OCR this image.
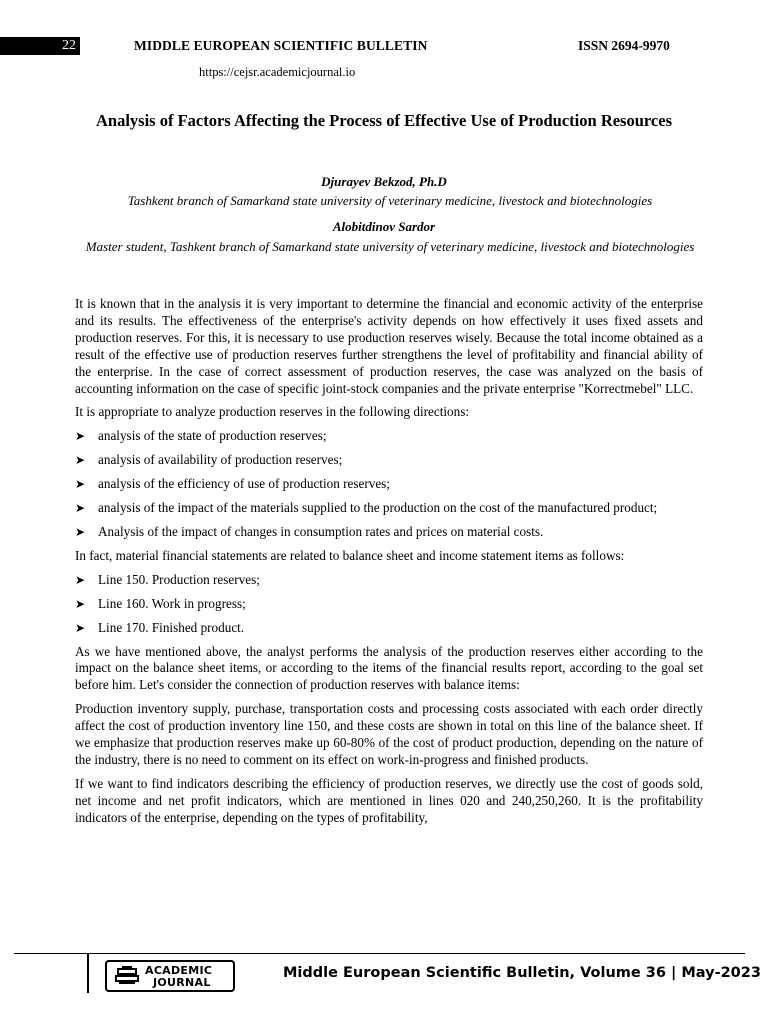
22	MIDDLE EUROPEAN SCIENTIFIC BULLETIN	ISSN 2694-9970
https://cejsr.academicjournal.io
Analysis of Factors Affecting the Process of Effective Use of Production Resources
Djurayev Bekzod, Ph.D
Tashkent branch of Samarkand state university of veterinary medicine, livestock and biotechnologies
Alobitdinov Sardor
Master student, Tashkent branch of Samarkand state university of veterinary medicine, livestock and biotechnologies

It is known that in the analysis it is very important to determine the financial and economic activity of the enterprise and its results. The effectiveness of the enterprise's activity depends on how effectively it uses fixed assets and production reserves. For this, it is necessary to use production reserves wisely. Because the total income obtained as a result of the effective use of production reserves further strengthens the level of profitability and financial ability of the enterprise. In the case of correct assessment of production reserves, the case was analyzed on the basis of accounting information on the case of specific joint-stock companies and the private enterprise "Korrectmebel" LLC.

It is appropriate to analyze production reserves in the following directions:

➤ analysis of the state of production reserves;
➤ analysis of availability of production reserves;
➤ analysis of the efficiency of use of production reserves;
➤ analysis of the impact of the materials supplied to the production on the cost of the manufactured product;
➤ Analysis of the impact of changes in consumption rates and prices on material costs.

In fact, material financial statements are related to balance sheet and income statement items as follows:

➤ Line 150. Production reserves;
➤ Line 160. Work in progress;
➤ Line 170. Finished product.

As we have mentioned above, the analyst performs the analysis of the production reserves either according to the impact on the balance sheet items, or according to the items of the financial results report, according to the goal set before him. Let's consider the connection of production reserves with balance items:

Production inventory supply, purchase, transportation costs and processing costs associated with each order directly affect the cost of production inventory line 150, and these costs are shown in total on this line of the balance sheet. If we emphasize that production reserves make up 60-80% of the cost of product production, depending on the nature of the industry, there is no need to comment on its effect on work-in-progress and finished products.

If we want to find indicators describing the efficiency of production reserves, we directly use the cost of goods sold, net income and net profit indicators, which are mentioned in lines 020 and 240,250,260. It is the profitability indicators of the enterprise, depending on the types of profitability,

ACADEMIC
JOURNAL
Middle European Scientific Bulletin, Volume 36 | May-2023
